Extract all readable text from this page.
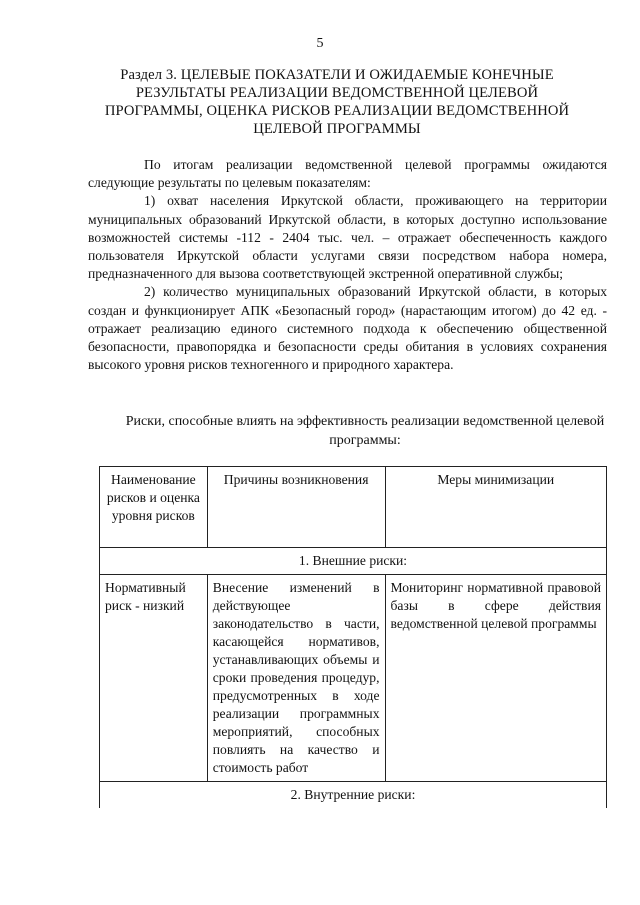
5
Раздел 3. ЦЕЛЕВЫЕ ПОКАЗАТЕЛИ И ОЖИДАЕМЫЕ КОНЕЧНЫЕ РЕЗУЛЬТАТЫ РЕАЛИЗАЦИИ ВЕДОМСТВЕННОЙ ЦЕЛЕВОЙ ПРОГРАММЫ, ОЦЕНКА РИСКОВ РЕАЛИЗАЦИИ ВЕДОМСТВЕННОЙ ЦЕЛЕВОЙ ПРОГРАММЫ

По итогам реализации ведомственной целевой программы ожидаются следующие результаты по целевым показателям:

1) охват населения Иркутской области, проживающего на территории муниципальных образований Иркутской области, в которых доступно использование возможностей системы -112 - 2404 тыс. чел. – отражает обеспеченность каждого пользователя Иркутской области услугами связи посредством набора номера, предназначенного для вызова соответствующей экстренной оперативной службы;

2) количество муниципальных образований Иркутской области, в которых создан и функционирует АПК «Безопасный город» (нарастающим итогом) до 42 ед. - отражает реализацию единого системного подхода к обеспечению общественной безопасности, правопорядка и безопасности среды обитания в условиях сохранения высокого уровня рисков техногенного и природного характера.

Риски, способные влиять на эффективность реализации ведомственной целевой программы:
Наименование рисков и оценка уровня рисков	Причины возникновения	Меры минимизации
1. Внешние риски:		
Нормативный риск - низкий	Внесение изменений в действующее законодательство в части, касающейся нормативов, устанавливающих объемы и сроки проведения процедур, предусмотренных в ходе реализации программных мероприятий, способных повлиять на качество и стоимость работ	Мониторинг нормативной правовой базы в сфере действия ведомственной целевой программы
2. Внутренние риски:		
